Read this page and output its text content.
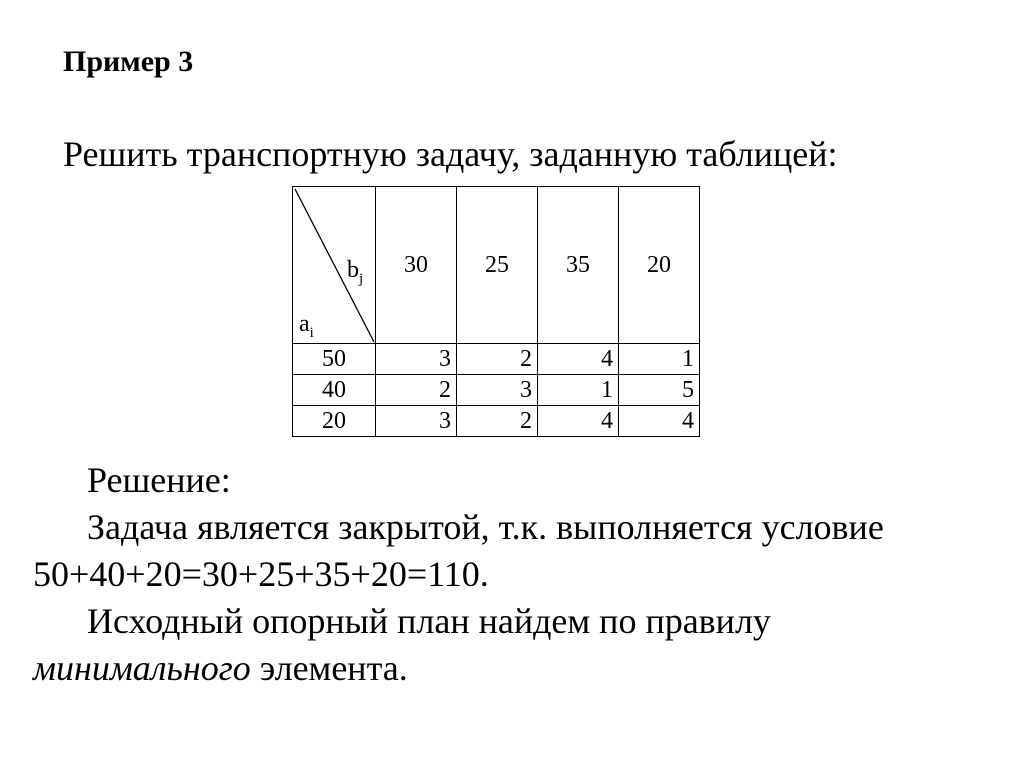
Пример 3
Решить транспортную задачу, заданную таблицей:
$b_j$
$a_i$	30	25	35	20
50	3	2	4	1
40	2	3	1	5
20	3	2	4	4
Решение:
Задача является закрытой, т.к. выполняется условие
50+40+20=30+25+35+20=110.
Исходный опорный план найдем по правилу
минимального элемента.
